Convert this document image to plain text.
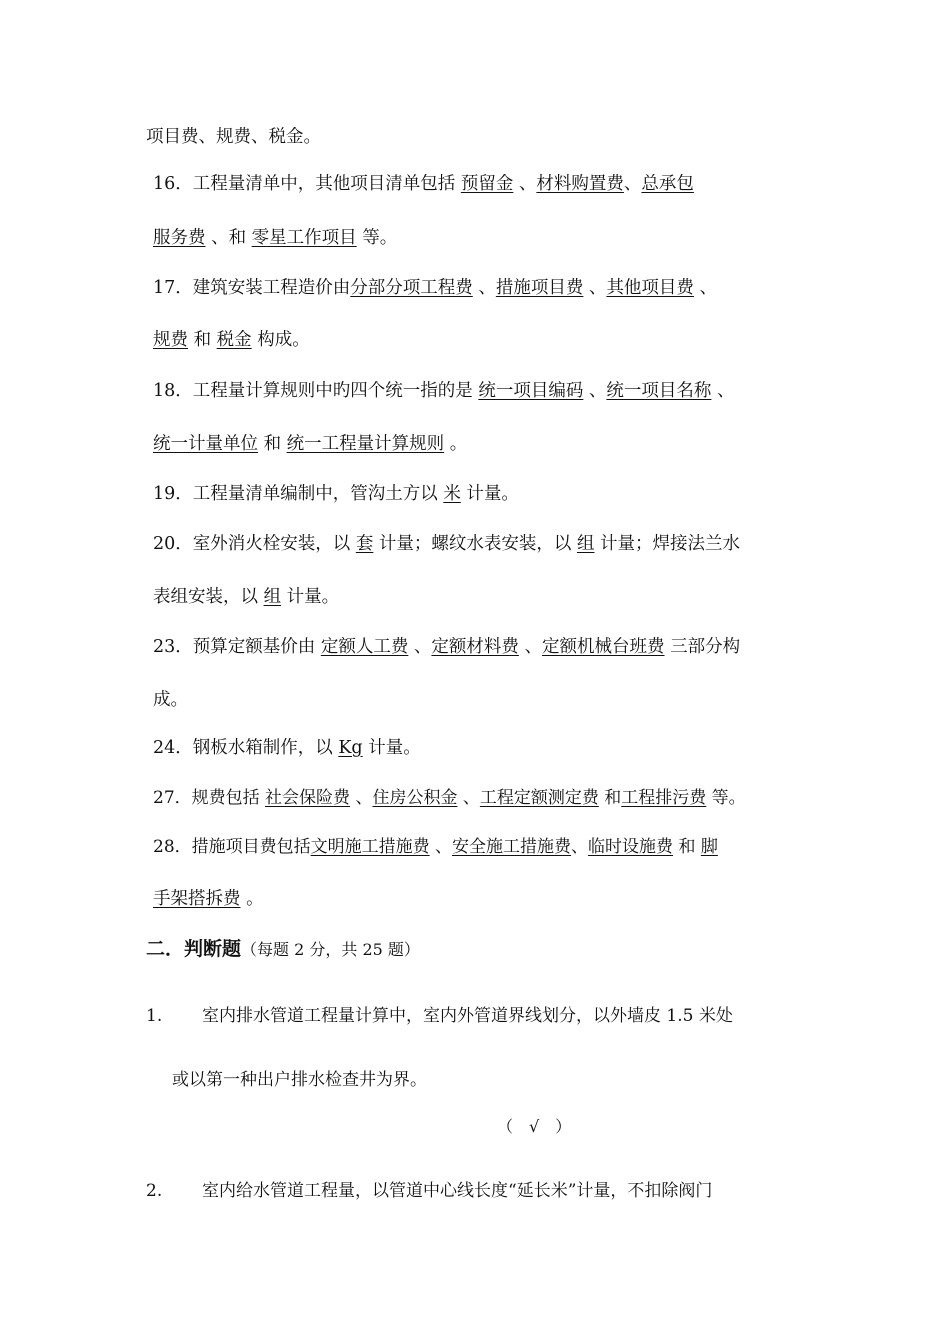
项目费、规费、税金。
16．工程量清单中，其他项目清单包括 预留金 、材料购置费、总承包
服务费 、和 零星工作项目 等。
17．建筑安装工程造价由分部分项工程费 、措施项目费 、其他项目费 、
规费 和 税金 构成。
18．工程量计算规则中旳四个统一指的是 统一项目编码 、统一项目名称 、
统一计量单位 和 统一工程量计算规则 。
19．工程量清单编制中，管沟土方以 米 计量。
20．室外消火栓安装，以 套 计量；螺纹水表安装，以 组 计量；焊接法兰水
表组安装，以 组 计量。
23．预算定额基价由 定额人工费 、定额材料费 、定额机械台班费 三部分构
成。
24．钢板水箱制作，以 Kg 计量。
27．规费包括 社会保险费 、住房公积金 、工程定额测定费 和工程排污费 等。
28．措施项目费包括文明施工措施费 、安全施工措施费、临时设施费 和 脚
手架搭拆费 。
二．判断题（每题 2 分，共 25 题）
1. 室内排水管道工程量计算中，室内外管道界线划分，以外墙皮 1.5 米处
或以第一种出户排水检查井为界。
（　√　）
2. 室内给水管道工程量，以管道中心线长度“延长米”计量，不扣除阀门
